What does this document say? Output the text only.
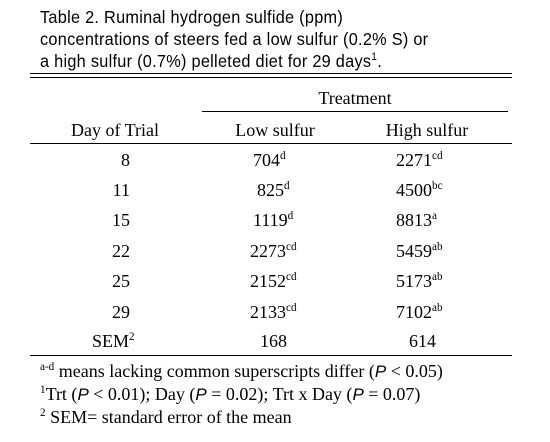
Table 2. Ruminal hydrogen sulfide (ppm)
concentrations of steers fed a low sulfur (0.2% S) or
a high sulfur (0.7%) pelleted diet for 29 days$^1$.
Treatment
Day of Trial	Low sulfur	High sulfur
8	704$^d$	$2271^{cd}$
11	825$^d$	$4500^{bc}$
15	1119$^d$	8813$^a$
22	$2273^{cd}$	$5459^{ab}$
25	$2152^{cd}$	$5173^{ab}$
29	$2133^{cd}$	$7102^{ab}$
SEM$^2$	168	614
$^{a-d}$ means lacking common superscripts differ (P < 0.05)
$^1$Trt (P < 0.01); Day (P = 0.02); Trt x Day (P = 0.07)
$^2$ SEM= standard error of the mean
